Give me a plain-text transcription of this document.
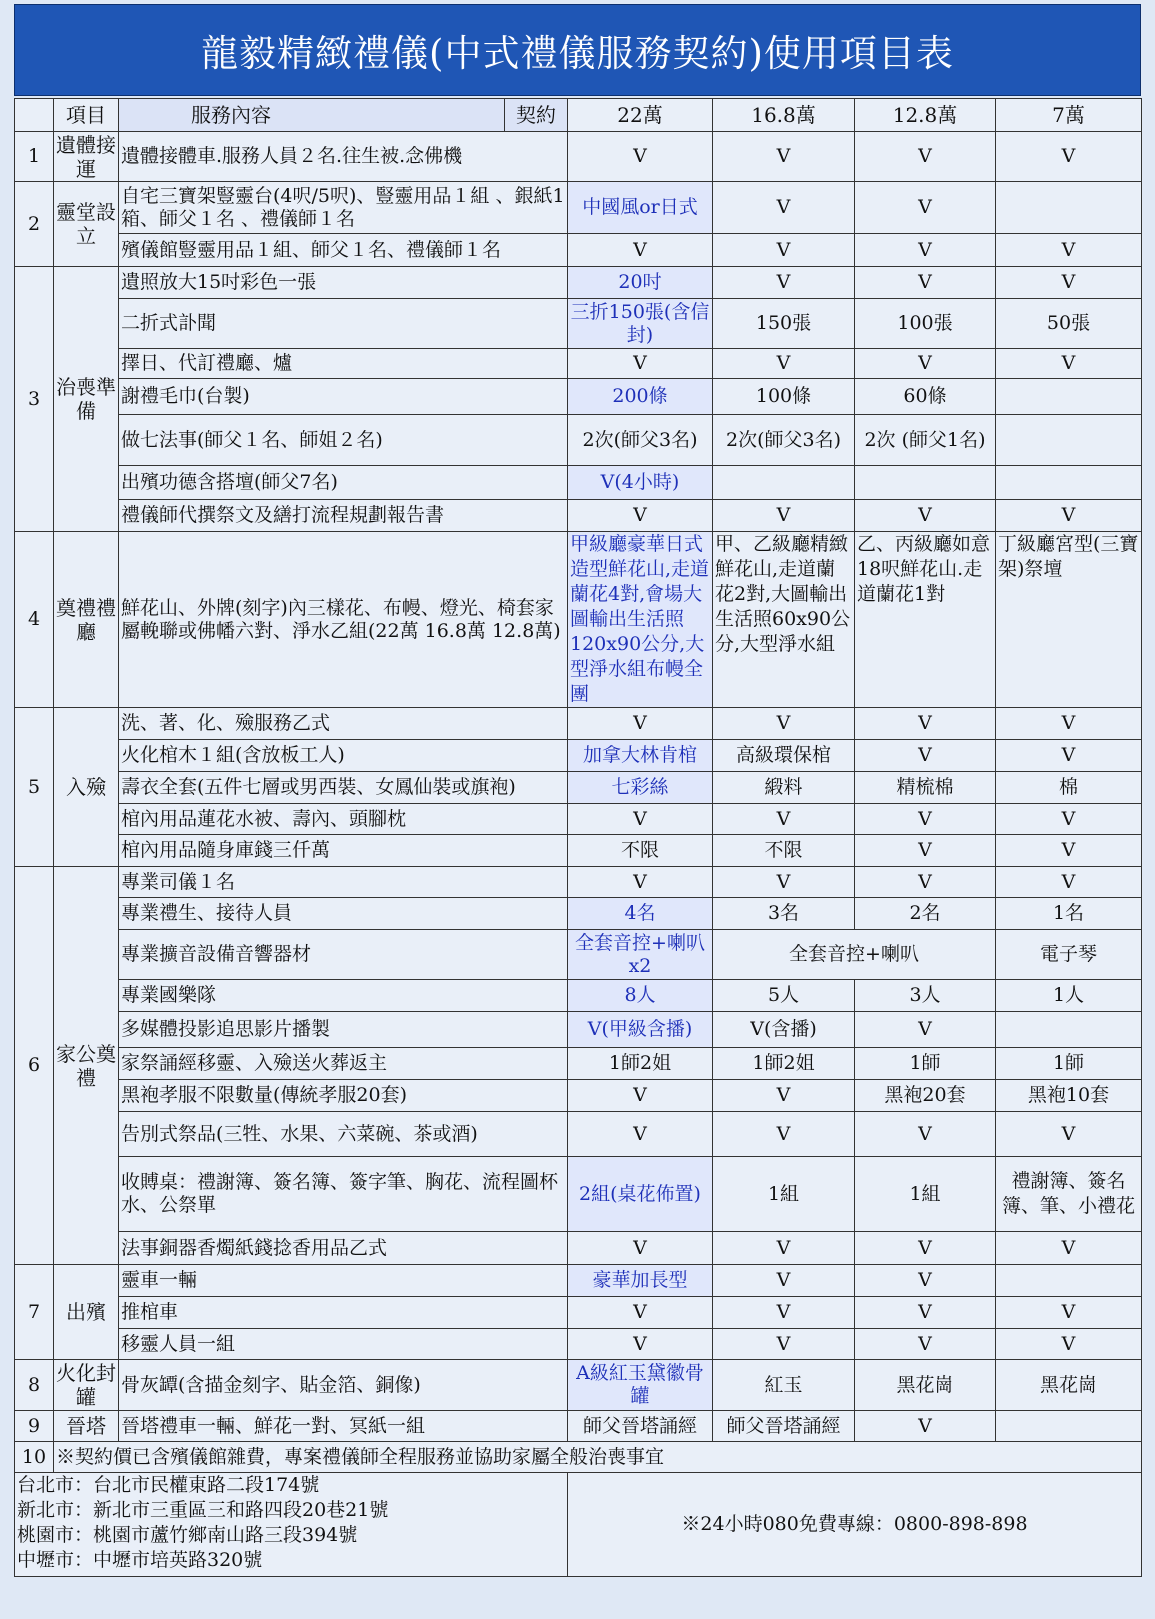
龍毅精緻禮儀(中式禮儀服務契約)使用項目表
	項目	服務內容	契約	22萬	16.8萬	12.8萬	7萬
1	遺體接運	遺體接體車.服務人員２名.往生被.念佛機		V	V	V	V
2	靈堂設立	自宅三寶架豎靈台(4呎/5呎)、豎靈用品１組 、銀紙1箱、師父１名 、禮儀師１名		中國風or日式	V	V	
		殯儀館豎靈用品１組、師父１名、禮儀師１名		V	V	V	V
3	治喪準備	遺照放大15吋彩色一張		20吋	V	V	V
		二折式訃聞		三折150張(含信封)	150張	100張	50張
		擇日、代訂禮廳、爐		V	V	V	V
		謝禮毛巾(台製)		200條	100條	60條	
		做七法事(師父１名、師姐２名)		2次(師父3名)	2次(師父3名)	2次 (師父1名)	
		出殯功德含搭壇(師父7名)		V(4小時)			
		禮儀師代撰祭文及繕打流程規劃報告書		V	V	V	V
4	奠禮禮廳	鮮花山、外牌(刻字)內三樣花、布幔、燈光、椅套家屬輓聯或佛幡六對、淨水乙組(22萬 16.8萬 12.8萬)		甲級廳豪華日式造型鮮花山,走道蘭花4對,會場大圖輸出生活照120x90公分,大型淨水組布幔全團	甲、乙級廳精緻鮮花山,走道蘭花2對,大圖輸出生活照60x90公分,大型淨水組	乙、丙級廳如意18呎鮮花山.走道蘭花1對	丁級廳宮型(三寶架)祭壇
5	入殮	洗、著、化、殮服務乙式		V	V	V	V
		火化棺木１組(含放板工人)		加拿大林肯棺	高級環保棺	V	V
		壽衣全套(五件七層或男西裝、女鳳仙裝或旗袍)		七彩絲	緞料	精梳棉	棉
		棺內用品蓮花水被、壽內、頭腳枕		V	V	V	V
		棺內用品隨身庫錢三仟萬		不限	不限	V	V
6	家公奠禮	專業司儀１名		V	V	V	V
		專業禮生、接待人員		4名	3名	2名	1名
		專業擴音設備音響器材		全套音控+喇叭x2	全套音控+喇叭		電子琴
		專業國樂隊		8人	5人	3人	1人
		多媒體投影追思影片播製		V(甲級含播)	V(含播)	V	
		家祭誦經移靈、入殮送火葬返主		1師2姐	1師2姐	1師	1師
		黑袍孝服不限數量(傳統孝服20套)		V	V	黑袍20套	黑袍10套
		告別式祭品(三牲、水果、六菜碗、茶或酒)		V	V	V	V
		收賻桌：禮謝簿、簽名簿、簽字筆、胸花、流程圖杯水、公祭單		2組(桌花佈置)	1組	1組	禮謝簿、簽名簿、筆、小禮花
		法事銅器香燭紙錢捻香用品乙式		V	V	V	V
7	出殯	靈車一輛		豪華加長型	V	V	
		推棺車		V	V	V	V
		移靈人員一組		V	V	V	V
8	火化封罐	骨灰罈(含描金刻字、貼金箔、銅像)		A級紅玉黛徽骨罐	紅玉	黑花崗	黑花崗
9	晉塔	晉塔禮車一輛、鮮花一對、冥紙一組		師父晉塔誦經	師父晉塔誦經	V	
10	※契約價已含殯儀館雜費，專案禮儀師全程服務並協助家屬全般治喪事宜						

台北市：台北市民權東路二段174號
新北市：新北市三重區三和路四段20巷21號
桃園市：桃園市蘆竹鄉南山路三段394號
中壢市：中壢市培英路320號				※24小時080免費專線：0800-898-898			
